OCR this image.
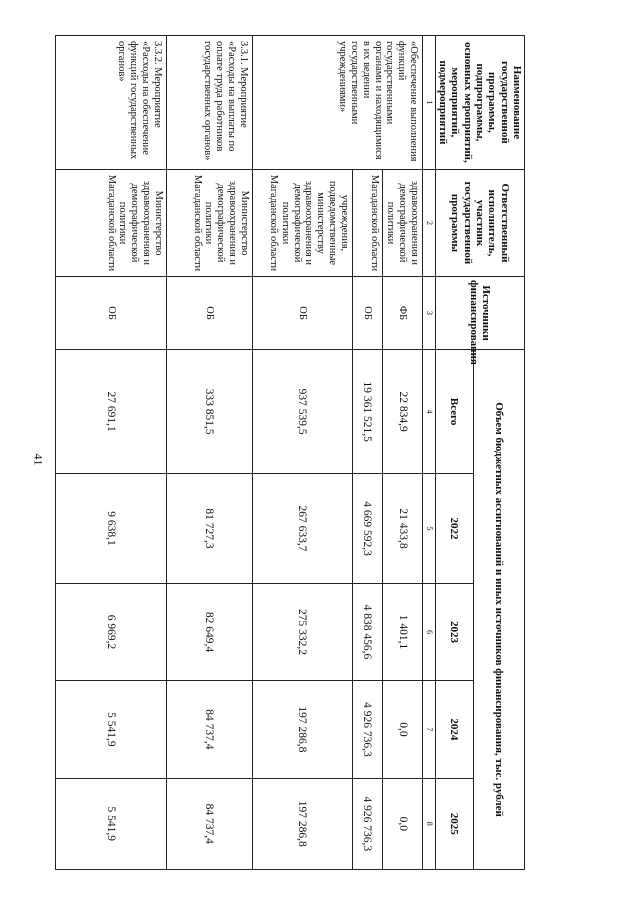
41
Наименование государственной программы, подпрограммы, основных мероприятий, мероприятий, подмероприятий	Ответственный исполнитель, участник государственной программы	Источники финансирования	Объем бюджетных ассигнований и иных источников финансирования, тыс. рублей				
			Всего	2022	2023	2024	2025
1	2	3	4	5	6	7	8
«Обеспечение выполнения функций государственными органами и находящимися в их ведении государственными учреждениями»	здравоохранения и демографической политики	ФБ	22 834,9	21 433,8	1 401,1	0,0	0,0
	Магаданской области	ОБ	19 361 521,5	4 669 592,3	4 838 456,6	4 926 736,3	4 926 736,3
	учреждения, подведомственные министерству здравоохранения и демографической политики Магаданской области	ОБ	937 539,5	267 633,7	275 332,2	197 286,8	197 286,8
3.3.1. Мероприятие «Расходы на выплаты по оплате труда работников государственных органов»	Министерство здравоохранения и демографической политики Магаданской области	ОБ	333 851,5	81 727,3	82 649,4	84 737,4	84 737,4
3.3.2. Мероприятие «Расходы на обеспечение функций государственных органов»	Министерство здравоохранения и демографической политики Магаданской области	ОБ	27 691,1	9 638,1	6 969,2	5 541,9	5 541,9
